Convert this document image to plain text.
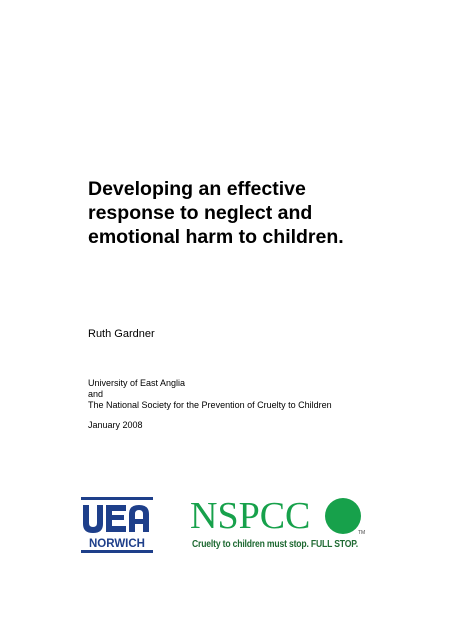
Developing an effective
response to neglect and
emotional harm to children.
Ruth Gardner
University of East Anglia
and
The National Society for the Prevention of Cruelty to Children
January 2008
NORWICH
NSPCC	TM
Cruelty to children must stop. FULL STOP.
